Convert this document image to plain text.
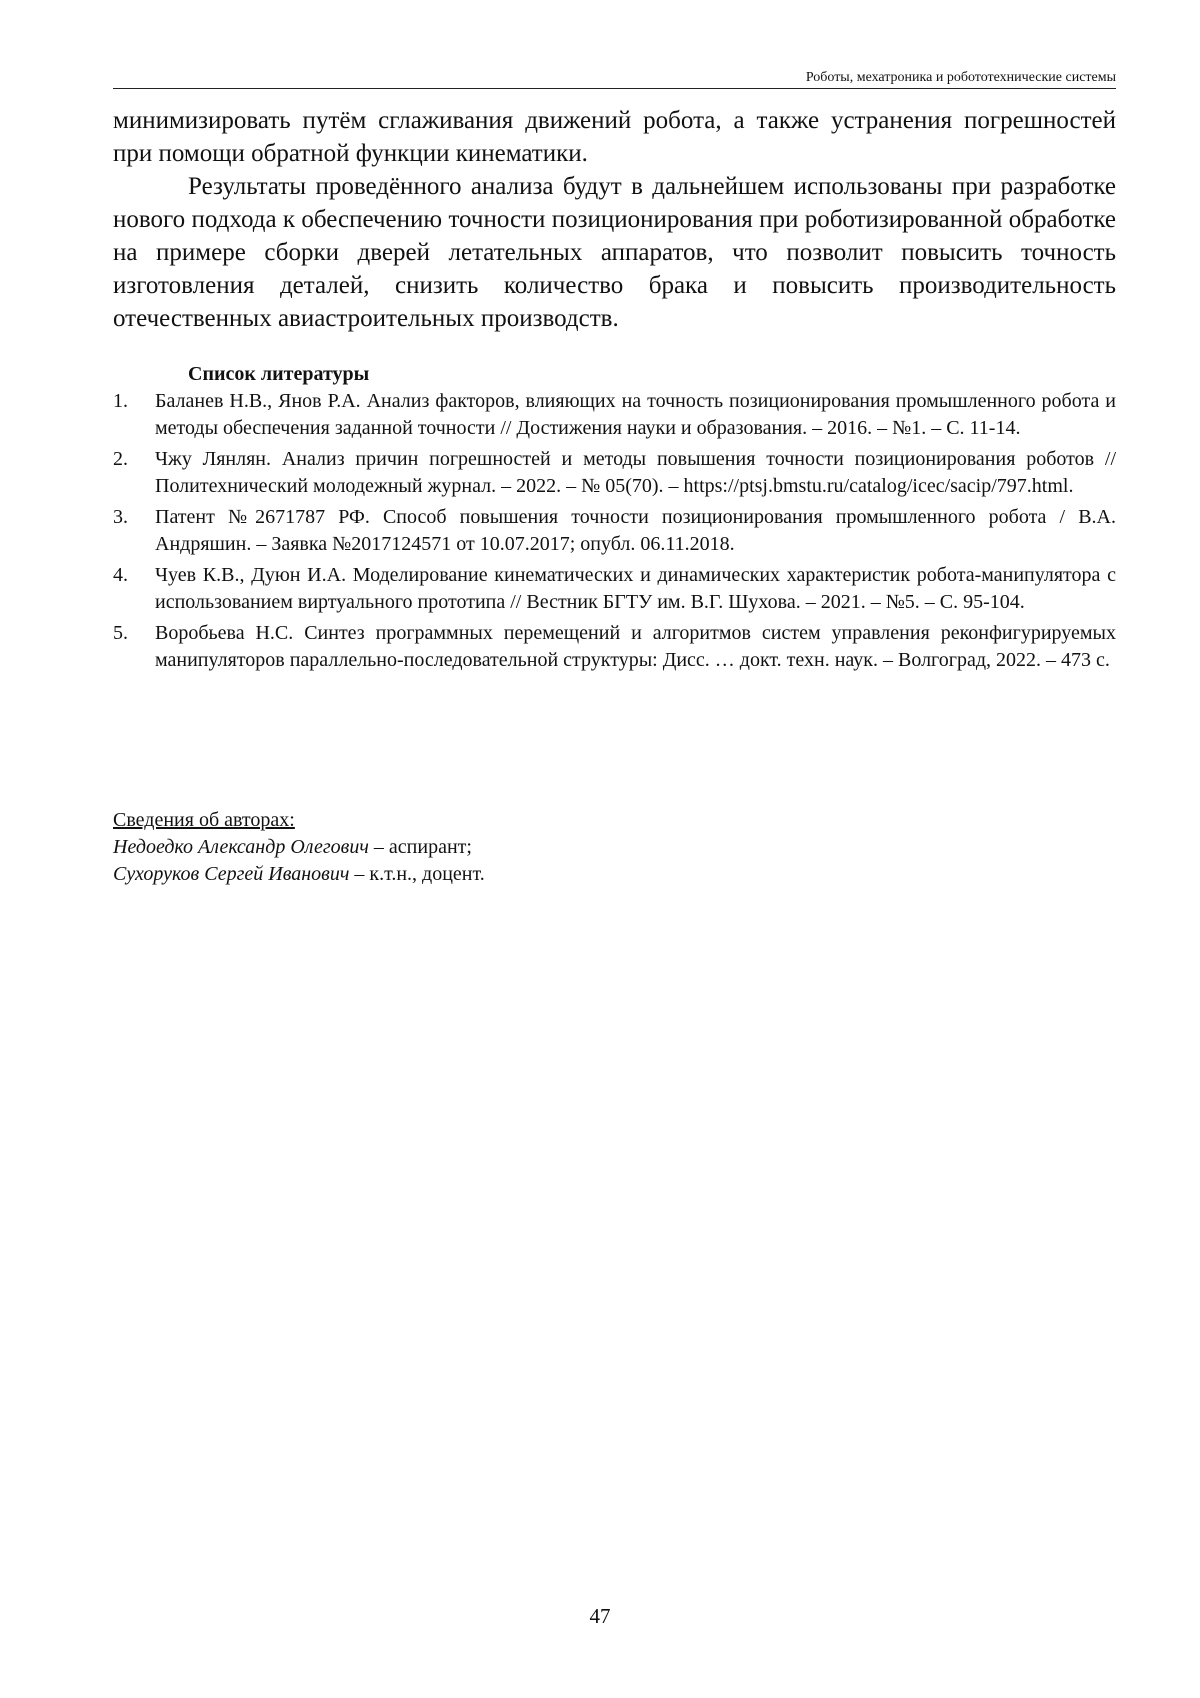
Роботы, мехатроника и робототехнические системы

минимизировать путём сглаживания движений робота, а также устранения погрешностей при помощи обратной функции кинематики.

Результаты проведённого анализа будут в дальнейшем использованы при разработке нового подхода к обеспечению точности позиционирования при роботизированной обработке на примере сборки дверей летательных аппаратов, что позволит повысить точность изготовления деталей, снизить количество брака и повысить производительность отечественных авиастроительных производств.

Список литературы
1. Баланев Н.В., Янов Р.А. Анализ факторов, влияющих на точность позиционирования промышленного робота и методы обеспечения заданной точности // Достижения науки и образования. – 2016. – №1. – С. 11-14.
2. Чжу Лянлян. Анализ причин погрешностей и методы повышения точности позиционирования роботов // Политехнический молодежный журнал. – 2022. – № 05(70). – https://ptsj.bmstu.ru/catalog/icec/sacip/797.html.
3. Патент №2671787 РФ. Способ повышения точности позиционирования промышленного робота / В.А. Андряшин. – Заявка №2017124571 от 10.07.2017; опубл. 06.11.2018.
4. Чуев К.В., Дуюн И.А. Моделирование кинематических и динамических характеристик робота-манипулятора с использованием виртуального прототипа // Вестник БГТУ им. В.Г. Шухова. – 2021. – №5. – С. 95-104.
5. Воробьева Н.С. Синтез программных перемещений и алгоритмов систем управления реконфигурируемых манипуляторов параллельно-последовательной структуры: Дисс. … докт. техн. наук. – Волгоград, 2022. – 473 с.
Сведения об авторах:
Недоедко Александр Олегович – аспирант;
Сухоруков Сергей Иванович – к.т.н., доцент.
47
